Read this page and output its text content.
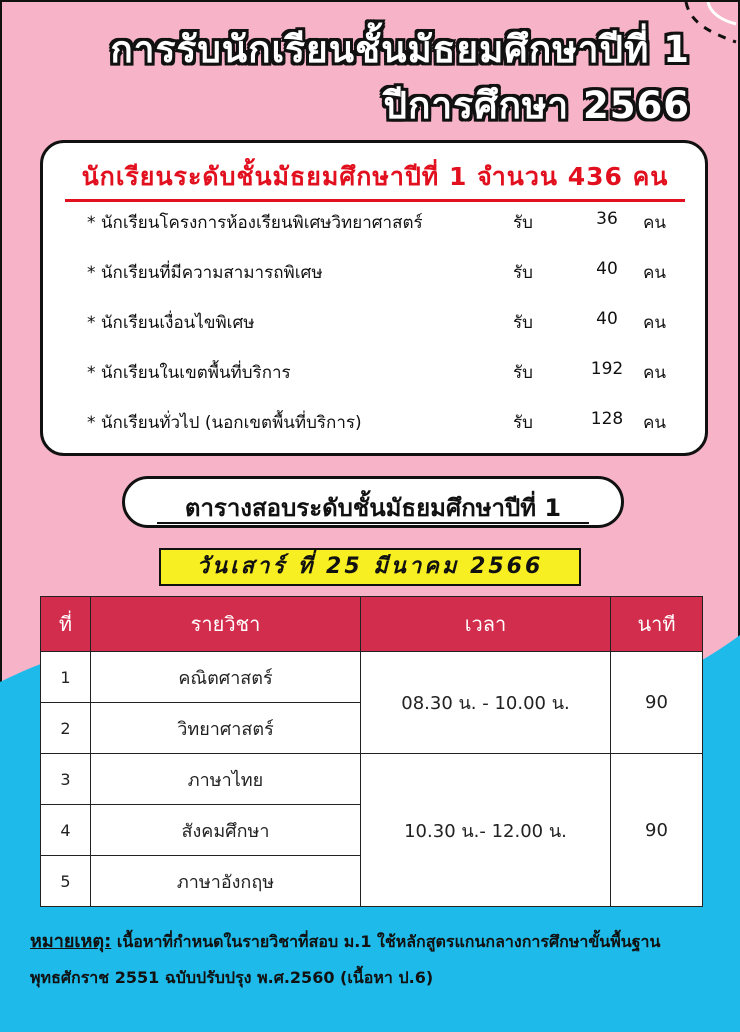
การรับนักเรียนชั้นมัธยมศึกษาปีที่ 1
ปีการศึกษา 2566
นักเรียนระดับชั้นมัธยมศึกษาปีที่ 1 จำนวน 436 คน
* นักเรียนโครงการห้องเรียนพิเศษวิทยาศาสตร์	รับ	36	คน
* นักเรียนที่มีความสามารถพิเศษ	รับ	40	คน
* นักเรียนเงื่อนไขพิเศษ	รับ	40	คน
* นักเรียนในเขตพื้นที่บริการ	รับ	192	คน
* นักเรียนทั่วไป (นอกเขตพื้นที่บริการ)	รับ	128	คน
ตารางสอบระดับชั้นมัธยมศึกษาปีที่ 1
วันเสาร์ ที่ 25 มีนาคม 2566
ที่	รายวิชา	เวลา	นาที
1	คณิตศาสตร์	08.30 น. - 10.00 น.	90
2	วิทยาศาสตร์		
3	ภาษาไทย	10.30 น.- 12.00 น.	90
4	สังคมศึกษา		
5	ภาษาอังกฤษ		
หมายเหตุ: เนื้อหาที่กำหนดในรายวิชาที่สอบ ม.1 ใช้หลักสูตรแกนกลางการศึกษาขั้นพื้นฐาน
พุทธศักราช 2551 ฉบับปรับปรุง พ.ศ.2560 (เนื้อหา ป.6)
